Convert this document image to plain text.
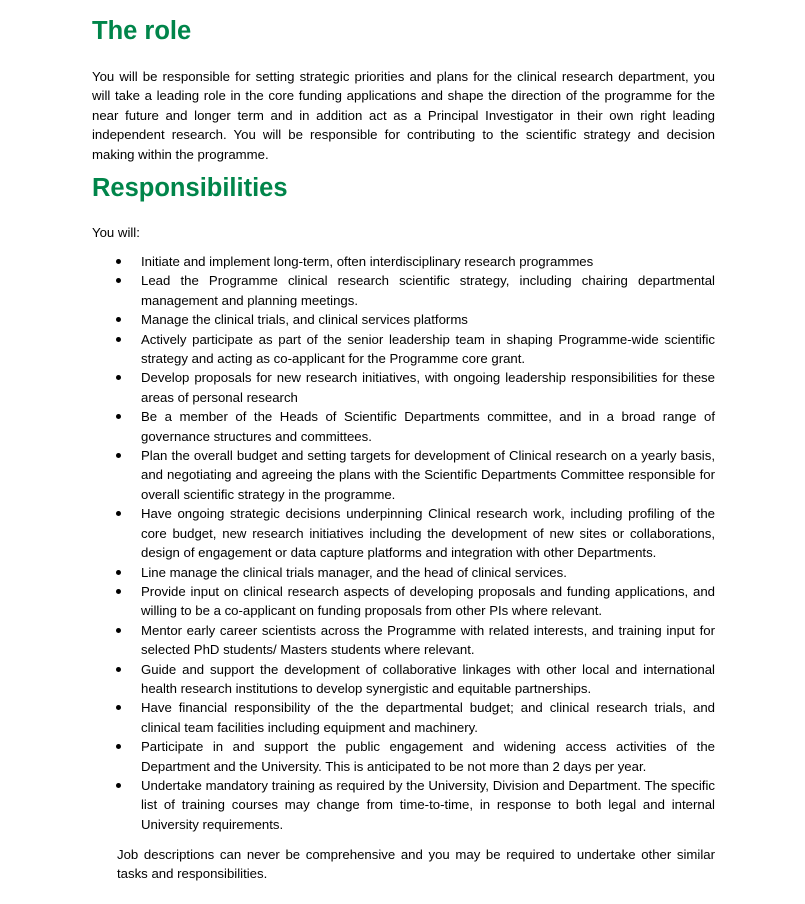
The role

You will be responsible for setting strategic priorities and plans for the clinical research department, you will take a leading role in the core funding applications and shape the direction of the programme for the near future and longer term and in addition act as a Principal Investigator in their own right leading independent research. You will be responsible for contributing to the scientific strategy and decision making within the programme.

Responsibilities

You will:

Initiate and implement long-term, often interdisciplinary research programmes
Lead the Programme clinical research scientific strategy, including chairing departmental management and planning meetings.
Manage the clinical trials, and clinical services platforms
Actively participate as part of the senior leadership team in shaping Programme-wide scientific strategy and acting as co-applicant for the Programme core grant.
Develop proposals for new research initiatives, with ongoing leadership responsibilities for these areas of personal research
Be a member of the Heads of Scientific Departments committee, and in a broad range of governance structures and committees.
Plan the overall budget and setting targets for development of Clinical research on a yearly basis, and negotiating and agreeing the plans with the Scientific Departments Committee responsible for overall scientific strategy in the programme.
Have ongoing strategic decisions underpinning Clinical research work, including profiling of the core budget, new research initiatives including the development of new sites or collaborations, design of engagement or data capture platforms and integration with other Departments.
Line manage the clinical trials manager, and the head of clinical services.
Provide input on clinical research aspects of developing proposals and funding applications, and willing to be a co-applicant on funding proposals from other PIs where relevant.
Mentor early career scientists across the Programme with related interests, and training input for selected PhD students/ Masters students where relevant.
Guide and support the development of collaborative linkages with other local and international health research institutions to develop synergistic and equitable partnerships.
Have financial responsibility of the the departmental budget; and clinical research trials, and clinical team facilities including equipment and machinery.
Participate in and support the public engagement and widening access activities of the Department and the University. This is anticipated to be not more than 2 days per year.
Undertake mandatory training as required by the University, Division and Department. The specific list of training courses may change from time-to-time, in response to both legal and internal University requirements.

Job descriptions can never be comprehensive and you may be required to undertake other similar tasks and responsibilities.
